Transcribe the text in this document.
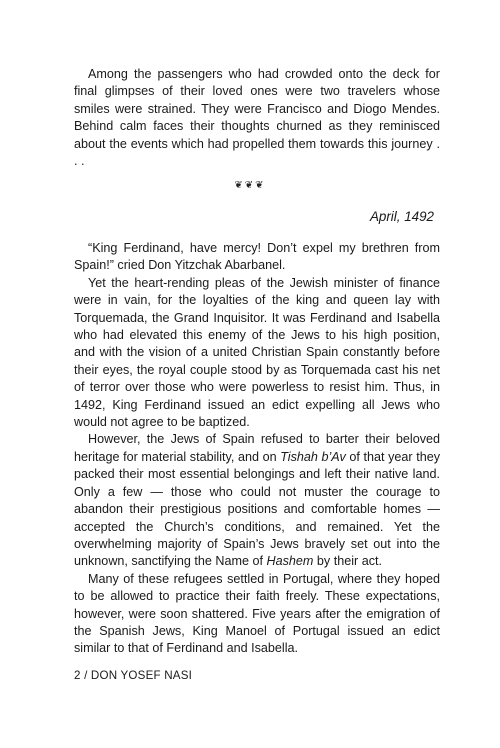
Among the passengers who had crowded onto the deck for final glimpses of their loved ones were two travelers whose smiles were strained. They were Francisco and Diogo Mendes. Behind calm faces their thoughts churned as they reminisced about the events which had propelled them towards this journey . . .

❦❦❦
April, 1492

“King Ferdinand, have mercy! Don’t expel my brethren from Spain!” cried Don Yitzchak Abarbanel.

Yet the heart-rending pleas of the Jewish minister of finance were in vain, for the loyalties of the king and queen lay with Torquemada, the Grand Inquisitor. It was Ferdinand and Isabella who had elevated this enemy of the Jews to his high position, and with the vision of a united Christian Spain constantly before their eyes, the royal couple stood by as Torquemada cast his net of terror over those who were powerless to resist him. Thus, in 1492, King Ferdinand issued an edict expelling all Jews who would not agree to be baptized.

However, the Jews of Spain refused to barter their beloved heritage for material stability, and on Tishah b’Av of that year they packed their most essential belongings and left their native land. Only a few — those who could not muster the courage to abandon their prestigious positions and comfortable homes — accepted the Church’s conditions, and remained. Yet the overwhelming majority of Spain’s Jews bravely set out into the unknown, sanctifying the Name of Hashem by their act.

Many of these refugees settled in Portugal, where they hoped to be allowed to practice their faith freely. These expectations, however, were soon shattered. Five years after the emigration of the Spanish Jews, King Manoel of Portugal issued an edict similar to that of Ferdinand and Isabella.

2 / DON YOSEF NASI
